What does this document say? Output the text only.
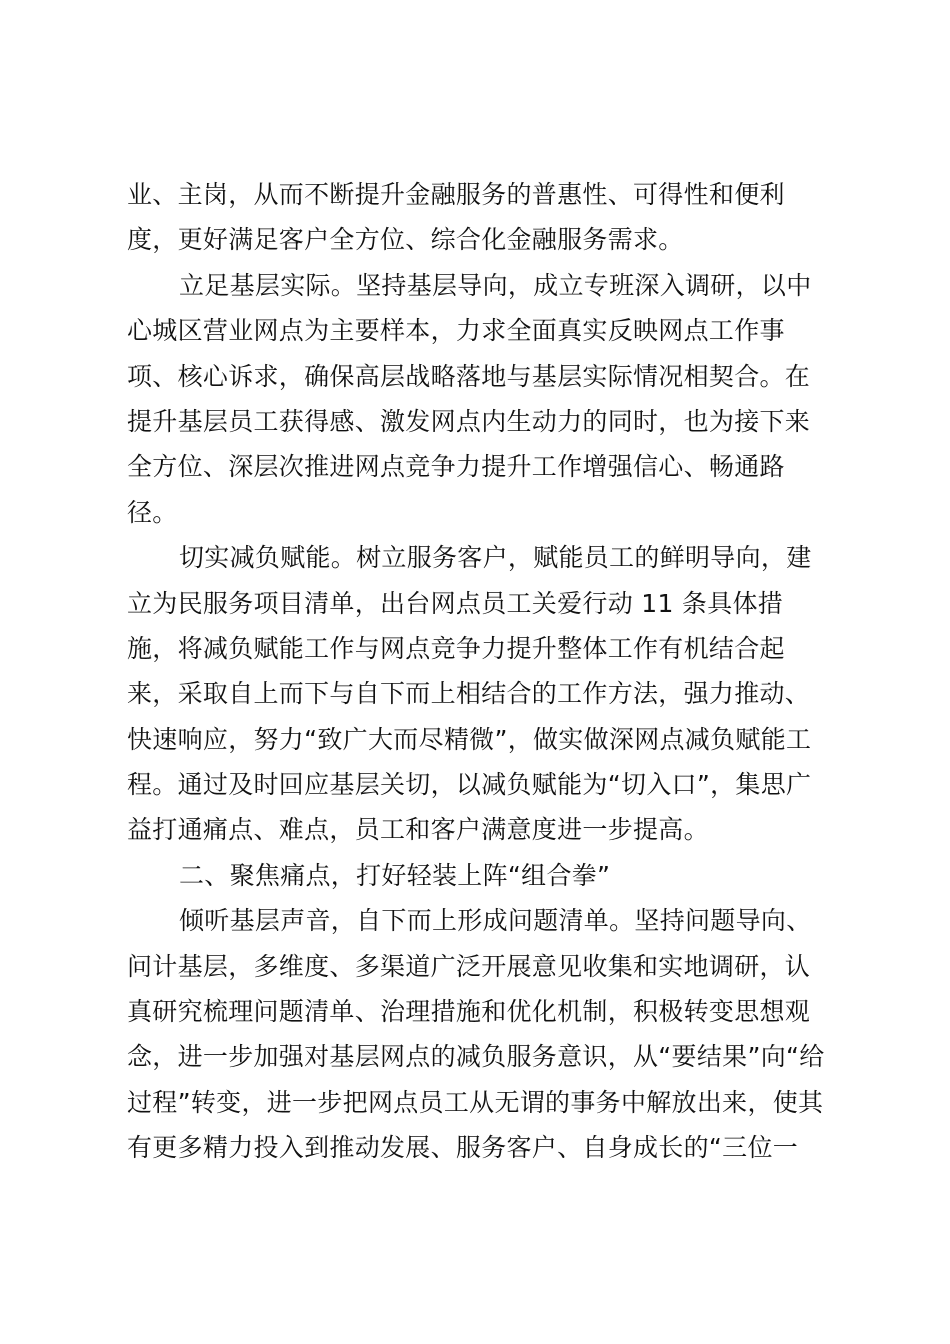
业、主岗，从而不断提升金融服务的普惠性、可得性和便利
度，更好满足客户全方位、综合化金融服务需求。
立足基层实际。坚持基层导向，成立专班深入调研，以中
心城区营业网点为主要样本，力求全面真实反映网点工作事
项、核心诉求，确保高层战略落地与基层实际情况相契合。在
提升基层员工获得感、激发网点内生动力的同时，也为接下来
全方位、深层次推进网点竞争力提升工作增强信心、畅通路
径。
切实减负赋能。树立服务客户，赋能员工的鲜明导向，建
立为民服务项目清单，出台网点员工关爱行动 11 条具体措
施，将减负赋能工作与网点竞争力提升整体工作有机结合起
来，采取自上而下与自下而上相结合的工作方法，强力推动、
快速响应，努力“致广大而尽精微”，做实做深网点减负赋能工
程。通过及时回应基层关切，以减负赋能为“切入口”，集思广
益打通痛点、难点，员工和客户满意度进一步提高。
二、聚焦痛点，打好轻装上阵“组合拳”
倾听基层声音，自下而上形成问题清单。坚持问题导向、
问计基层，多维度、多渠道广泛开展意见收集和实地调研，认
真研究梳理问题清单、治理措施和优化机制，积极转变思想观
念，进一步加强对基层网点的减负服务意识，从“要结果”向“给
过程”转变，进一步把网点员工从无谓的事务中解放出来，使其
有更多精力投入到推动发展、服务客户、自身成长的“三位一
